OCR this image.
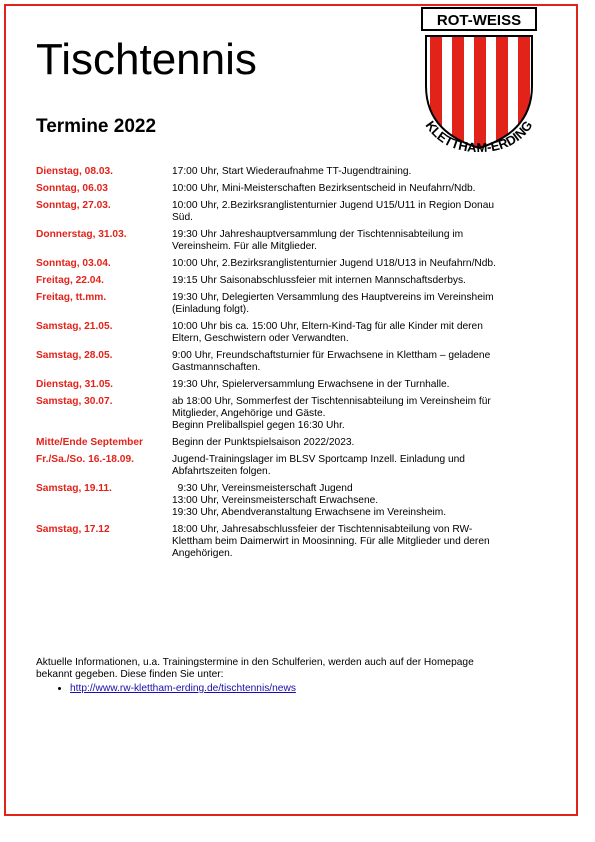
Tischtennis
Termine 2022
ROT-WEISS
KLETTHAM-ERDING
Dienstag, 08.03.	17:00 Uhr, Start Wiederaufnahme TT-Jugendtraining.
Sonntag, 06.03	10:00 Uhr, Mini-Meisterschaften Bezirksentscheid in Neufahrn/Ndb.
Sonntag, 27.03.	10:00 Uhr, 2.Bezirksranglistenturnier Jugend U15/U11 in Region Donau
Süd.
Donnerstag, 31.03.	19:30 Uhr Jahreshauptversammlung der Tischtennisabteilung im
Vereinsheim. Für alle Mitglieder.
Sonntag, 03.04.	10:00 Uhr, 2.Bezirksranglistenturnier Jugend U18/U13 in Neufahrn/Ndb.
Freitag, 22.04.	19:15 Uhr Saisonabschlussfeier mit internen Mannschaftsderbys.
Freitag, tt.mm.	19:30 Uhr, Delegierten Versammlung des Hauptvereins im Vereinsheim
(Einladung folgt).
Samstag, 21.05.	10:00 Uhr bis ca. 15:00 Uhr, Eltern-Kind-Tag für alle Kinder mit deren
Eltern, Geschwistern oder Verwandten.
Samstag, 28.05.	9:00 Uhr, Freundschaftsturnier für Erwachsene in Klettham – geladene
Gastmannschaften.
Dienstag, 31.05.	19:30 Uhr, Spielerversammlung Erwachsene in der Turnhalle.
Samstag, 30.07.	ab 18:00 Uhr, Sommerfest der Tischtennisabteilung im Vereinsheim für
Mitglieder, Angehörige und Gäste.
Beginn Preliballspiel gegen 16:30 Uhr.
Mitte/Ende September	Beginn der Punktspielsaison 2022/2023.
Fr./Sa./So. 16.-18.09.	Jugend-Trainingslager im BLSV Sportcamp Inzell. Einladung und
Abfahrtszeiten folgen.
Samstag, 19.11.	9:30 Uhr, Vereinsmeisterschaft Jugend
13:00 Uhr, Vereinsmeisterschaft Erwachsene.
19:30 Uhr, Abendveranstaltung Erwachsene im Vereinsheim.
Samstag, 17.12	18:00 Uhr, Jahresabschlussfeier der Tischtennisabteilung von RW-
Klettham beim Daimerwirt in Moosinning. Für alle Mitglieder und deren
Angehörigen.
Aktuelle Informationen, u.a. Trainingstermine in den Schulferien, werden auch auf der Homepage
bekannt gegeben. Diese finden Sie unter:
• http://www.rw-klettham-erding.de/tischtennis/news
